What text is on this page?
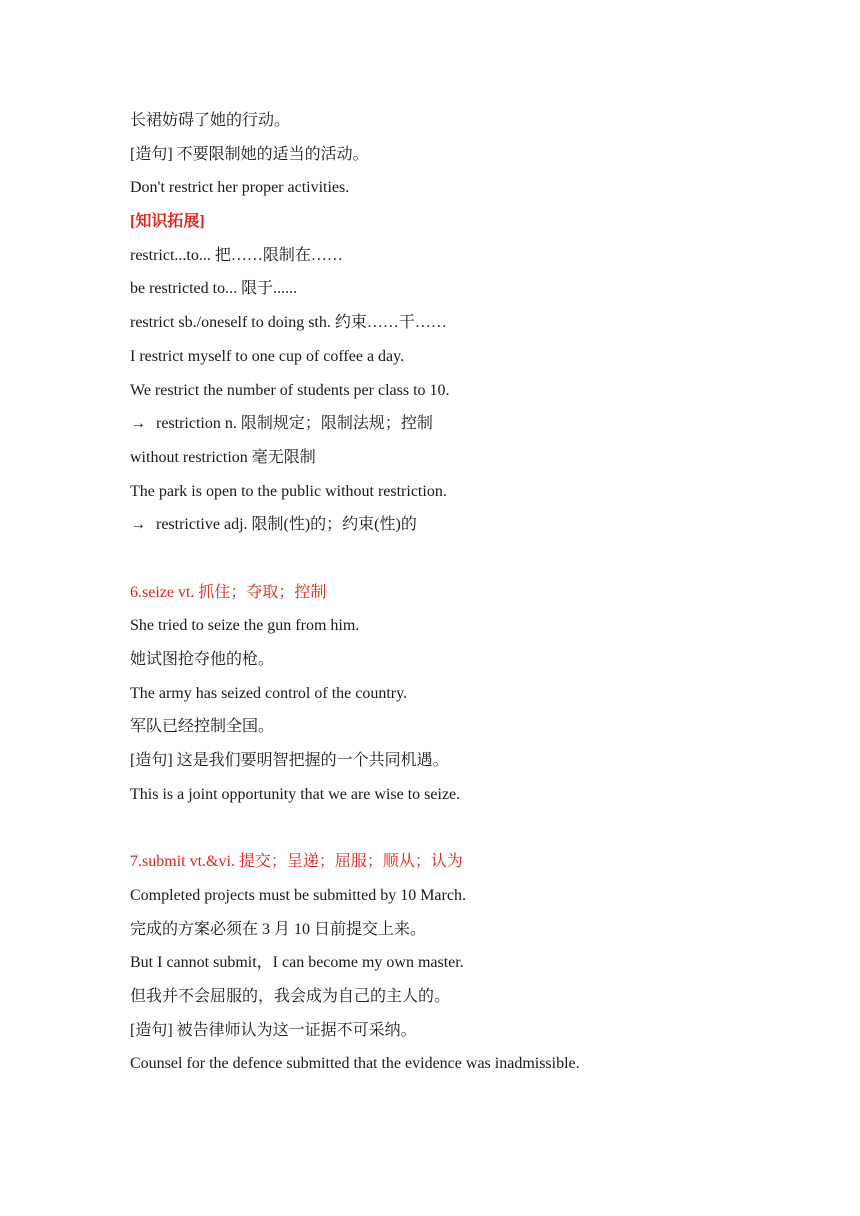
长裙妨碍了她的行动。
[造句] 不要限制她的适当的活动。
Don't restrict her proper activities.
[知识拓展]
restrict...to... 把……限制在……
be restricted to... 限于......
restrict sb./oneself to doing sth. 约束……干……
I restrict myself to one cup of coffee a day.
We restrict the number of students per class to 10.
→ restriction n. 限制规定；限制法规；控制
without restriction 毫无限制
The park is open to the public without restriction.
→ restrictive adj. 限制(性)的；约束(性)的
6.seize vt. 抓住；夺取；控制
She tried to seize the gun from him.
她试图抢夺他的枪。
The army has seized control of the country.
军队已经控制全国。
[造句] 这是我们要明智把握的一个共同机遇。
This is a joint opportunity that we are wise to seize.
7.submit vt.&vi. 提交；呈递；屈服；顺从；认为
Completed projects must be submitted by 10 March.
完成的方案必须在 3 月 10 日前提交上来。
But I cannot submit，I can become my own master.
但我并不会屈服的，我会成为自己的主人的。
[造句] 被告律师认为这一证据不可采纳。
Counsel for the defence submitted that the evidence was inadmissible.
